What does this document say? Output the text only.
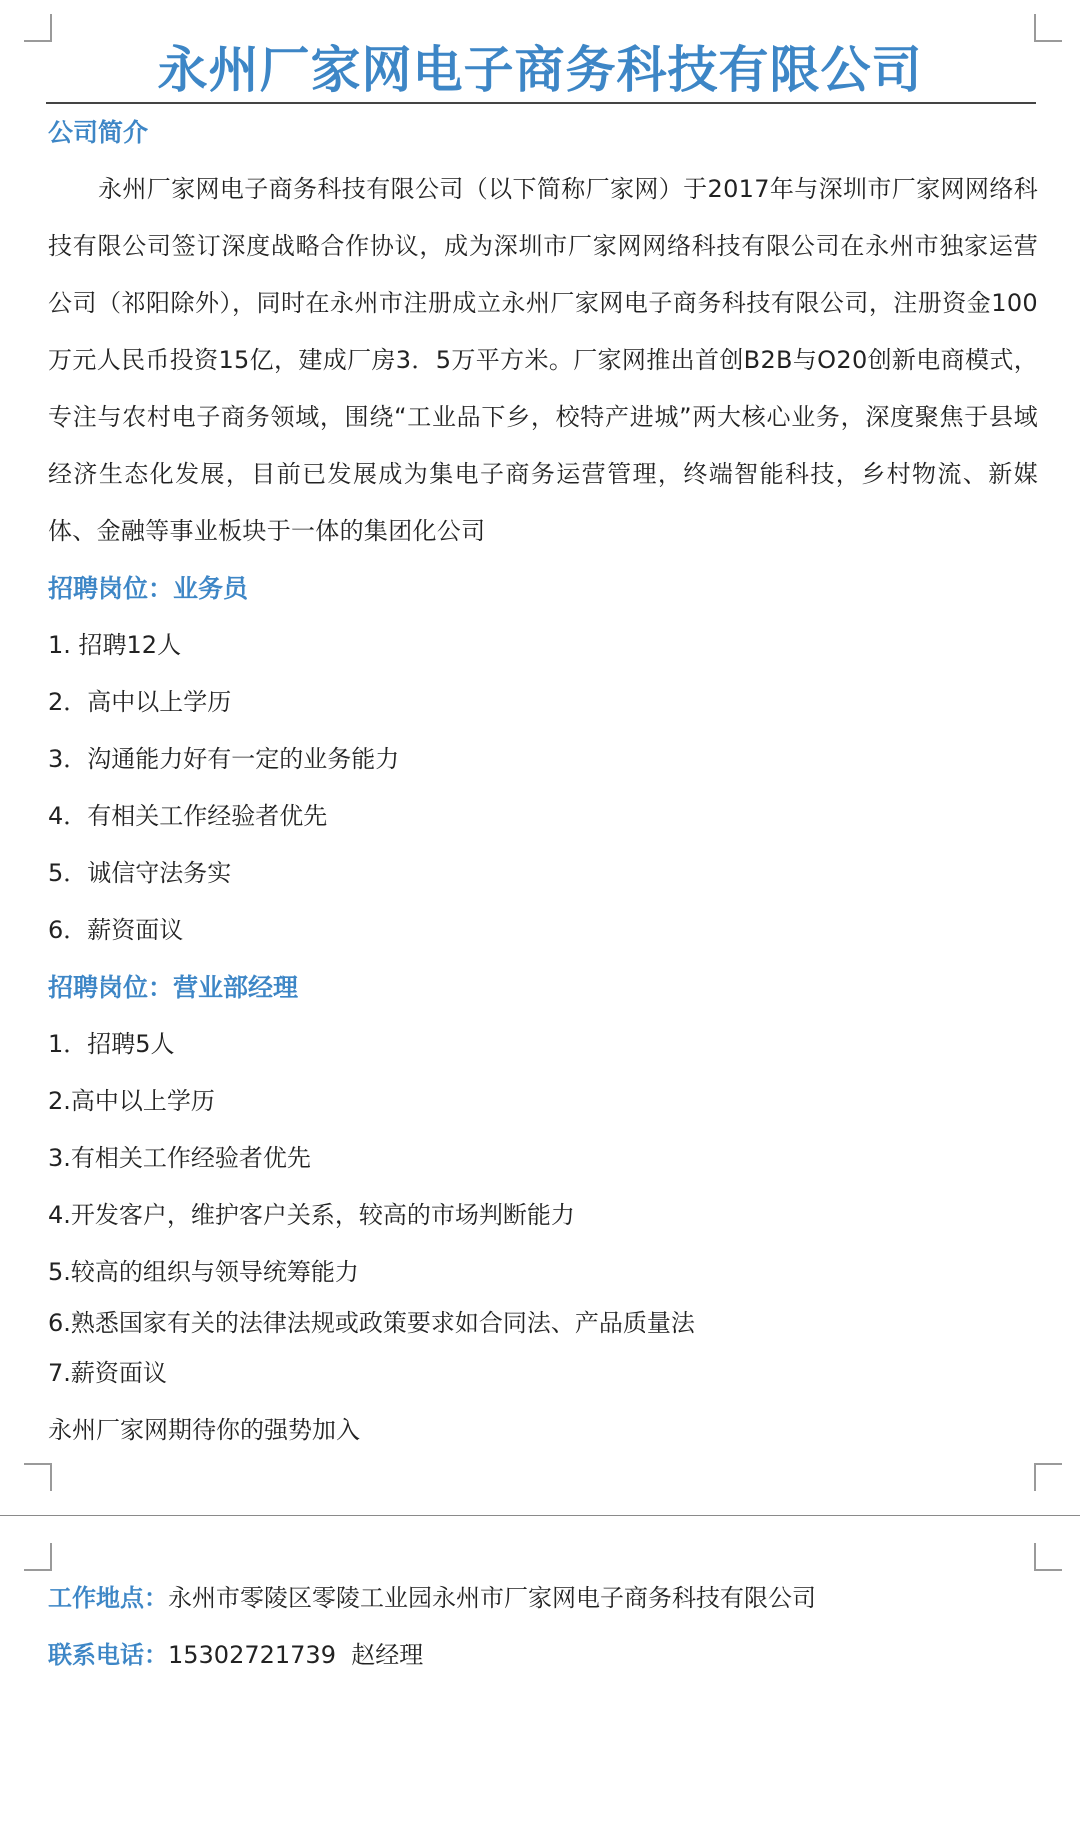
永州厂家网电子商务科技有限公司
公司简介

永州厂家网电子商务科技有限公司（以下简称厂家网）于2017年与深圳市厂家网网络科技有限公司签订深度战略合作协议，成为深圳市厂家网网络科技有限公司在永州市独家运营公司（祁阳除外），同时在永州市注册成立永州厂家网电子商务科技有限公司，注册资金100万元人民币投资15亿，建成厂房3．5万平方米。厂家网推出首创B2B与O20创新电商模式，专注与农村电子商务领域，围绕“工业品下乡，校特产进城”两大核心业务，深度聚焦于县域经济生态化发展，目前已发展成为集电子商务运营管理，终端智能科技，乡村物流、新媒体、金融等事业板块于一体的集团化公司

招聘岗位：业务员
1. 招聘12人
2．高中以上学历
3．沟通能力好有一定的业务能力
4．有相关工作经验者优先
5．诚信守法务实
6．薪资面议
招聘岗位：营业部经理
1．招聘5人
2.高中以上学历
3.有相关工作经验者优先
4.开发客户，维护客户关系，较高的市场判断能力
5.较高的组织与领导统筹能力
6.熟悉国家有关的法律法规或政策要求如合同法、产品质量法
7.薪资面议
永州厂家网期待你的强势加入
工作地点：永州市零陵区零陵工业园永州市厂家网电子商务科技有限公司
联系电话：15302721739  赵经理
